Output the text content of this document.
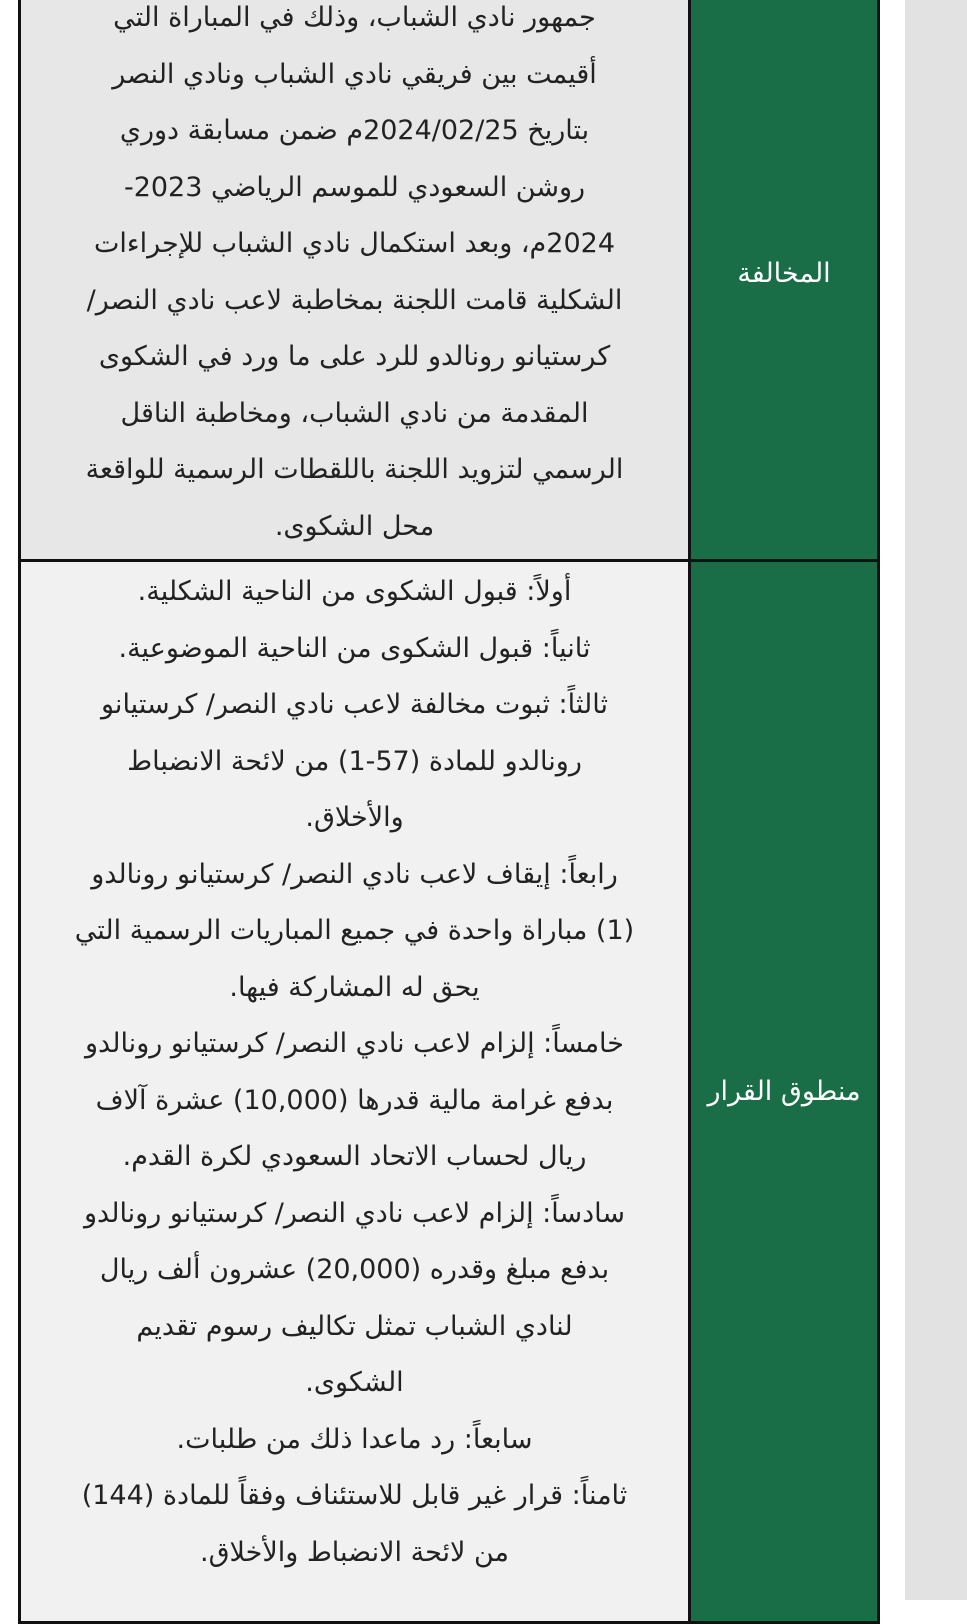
المخالفة
جمهور نادي الشباب، وذلك في المباراة التي
أقيمت بين فريقي نادي الشباب ونادي النصر
بتاريخ 2024/02/25م ضمن مسابقة دوري
روشن السعودي للموسم الرياضي 2023-
2024م، وبعد استكمال نادي الشباب للإجراءات
الشكلية قامت اللجنة بمخاطبة لاعب نادي النصر/
كرستيانو رونالدو للرد على ما ورد في الشكوى
المقدمة من نادي الشباب، ومخاطبة الناقل
الرسمي لتزويد اللجنة باللقطات الرسمية للواقعة
محل الشكوى.
منطوق القرار
أولاً: قبول الشكوى من الناحية الشكلية.
ثانياً: قبول الشكوى من الناحية الموضوعية.
ثالثاً: ثبوت مخالفة لاعب نادي النصر/ كرستيانو
رونالدو للمادة (57-1) من لائحة الانضباط
والأخلاق.
رابعاً: إيقاف لاعب نادي النصر/ كرستيانو رونالدو
(1) مباراة واحدة في جميع المباريات الرسمية التي
يحق له المشاركة فيها.
خامساً: إلزام لاعب نادي النصر/ كرستيانو رونالدو
بدفع غرامة مالية قدرها (10,000) عشرة آلاف
ريال لحساب الاتحاد السعودي لكرة القدم.
سادساً: إلزام لاعب نادي النصر/ كرستيانو رونالدو
بدفع مبلغ وقدره (20,000) عشرون ألف ريال
لنادي الشباب تمثل تكاليف رسوم تقديم
الشكوى.
سابعاً: رد ماعدا ذلك من طلبات.
ثامناً: قرار غير قابل للاستئناف وفقاً للمادة (144)
من لائحة الانضباط والأخلاق.
